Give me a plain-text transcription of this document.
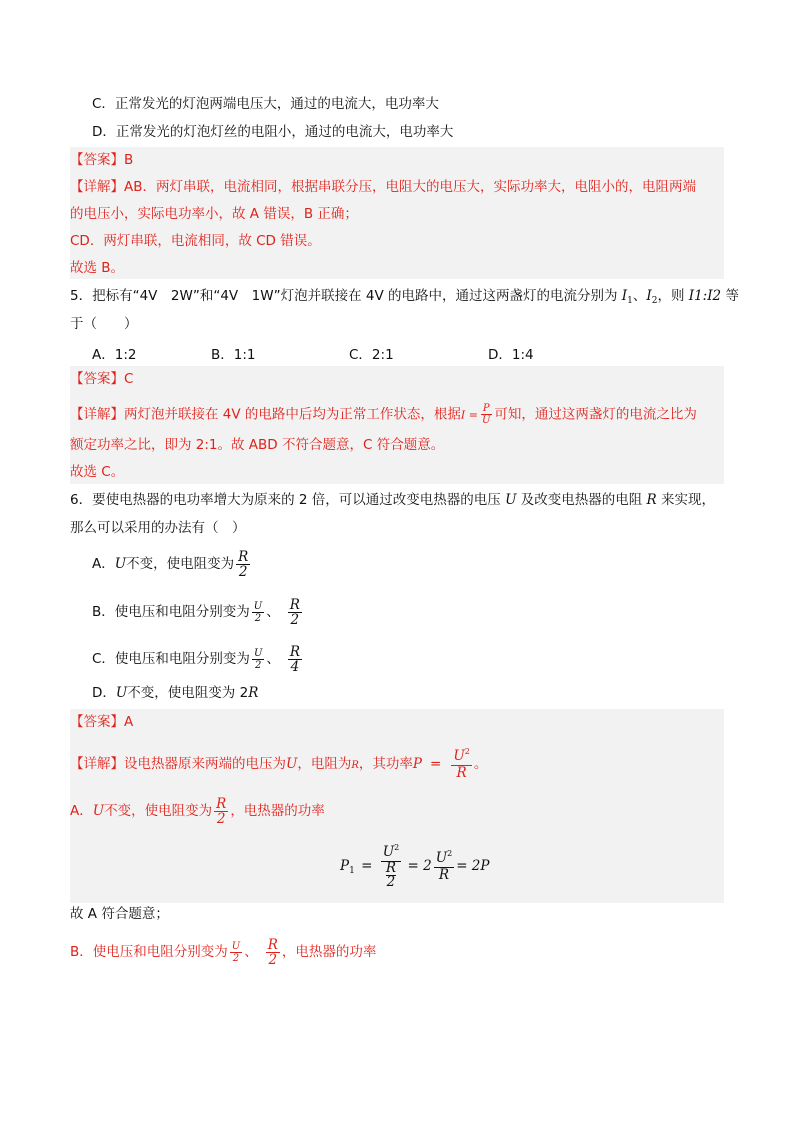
C．正常发光的灯泡两端电压大，通过的电流大，电功率大
D．正常发光的灯泡灯丝的电阻小，通过的电流大，电功率大
【答案】B
【详解】AB．两灯串联，电流相同，根据串联分压，电阻大的电压大，实际功率大，电阻小的，电阻两端
的电压小，实际电功率小，故 A 错误，B 正确；
CD．两灯串联，电流相同，故 CD 错误。
故选 B。
5．把标有“4V　2W”和“4V　1W”灯泡并联接在 4V 的电路中，通过这两盏灯的电流分别为 $I_1$、$I_2$，则 I1:I2 等
于（　　）
A．1:2	B．1:1	C．2:1	D．1:4
【答案】C
【详解】两灯泡并联接在 4V 的电路中后均为正常工作状态，根据$I = \frac{P}{U}$ 可知，通过这两盏灯的电流之比为
额定功率之比，即为 2:1。故 ABD 不符合题意，C 符合题意。
故选 C。
6．要使电热器的电功率增大为原来的 2 倍，可以通过改变电热器的电压 U 及改变电热器的电阻 R 来实现，
那么可以采用的办法有（　）
A．U不变，使电阻变为 $\frac{R}{2}$
B．使电压和电阻分别变为 $\frac{U}{2}$ 、 $\frac{R}{2}$
C．使电压和电阻分别变为 $\frac{U}{2}$ 、 $\frac{R}{4}$
D．U不变，使电阻变为 2R
【答案】A
【详解】设电热器原来两端的电压为U，电阻为R，其功率$P = \frac{U^2}{R}$ 。
A．U不变，使电阻变为 $\frac{R}{2}$ ，电热器的功率
$P_1 = U^2$
R
$2 = 2 \frac{U^2}{R} = 2P$
故 A 符合题意；
B．使电压和电阻分别变为 $\frac{U}{2}$ 、 $\frac{R}{2}$ ，电热器的功率
